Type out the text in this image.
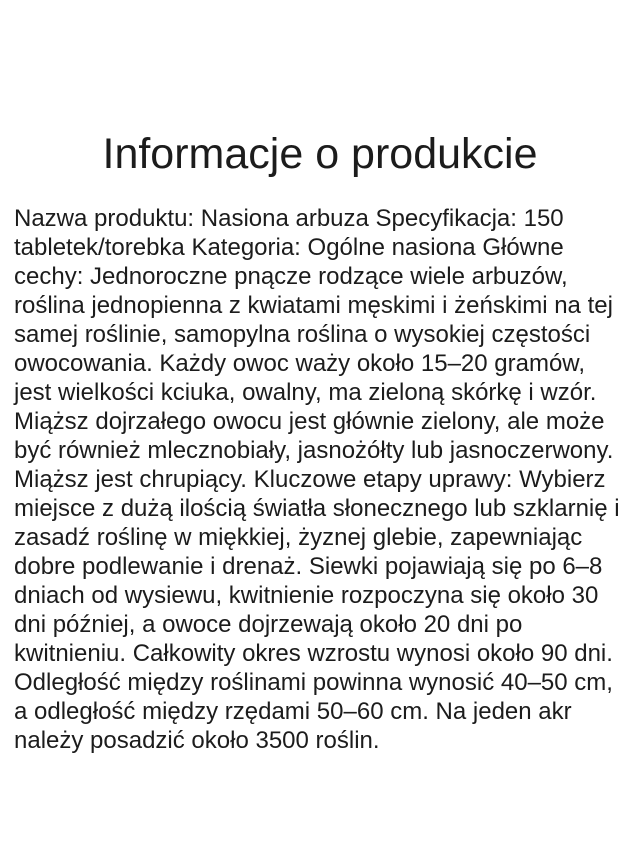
Informacje o produkcie

Nazwa produktu: Nasiona arbuza Specyfikacja: 150 tabletek/torebka Kategoria: Ogólne nasiona Główne cechy: Jednoroczne pnącze rodzące wiele arbuzów, roślina jednopienna z kwiatami męskimi i żeńskimi na tej samej roślinie, samopylna roślina o wysokiej częstości owocowania. Każdy owoc waży około 15–20 gramów, jest wielkości kciuka, owalny, ma zieloną skórkę i wzór. Miąższ dojrzałego owocu jest głównie zielony, ale może być również mlecznobiały, jasnożółty lub jasnoczerwony. Miąższ jest chrupiący. Kluczowe etapy uprawy: Wybierz miejsce z dużą ilością światła słonecznego lub szklarnię i zasadź roślinę w miękkiej, żyznej glebie, zapewniając dobre podlewanie i drenaż. Siewki pojawiają się po 6–8 dniach od wysiewu, kwitnienie rozpoczyna się około 30 dni później, a owoce dojrzewają około 20 dni po kwitnieniu. Całkowity okres wzrostu wynosi około 90 dni. Odległość między roślinami powinna wynosić 40–50 cm, a odległość między rzędami 50–60 cm. Na jeden akr należy posadzić około 3500 roślin.
